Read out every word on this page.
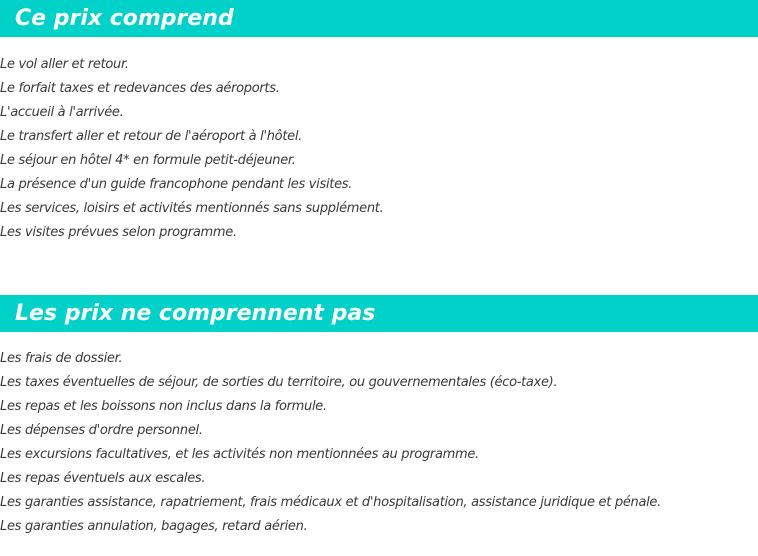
Ce prix comprend
Le vol aller et retour.
Le forfait taxes et redevances des aéroports.
L'accueil à l'arrivée.
Le transfert aller et retour de l'aéroport à l'hôtel.
Le séjour en hôtel 4* en formule petit-déjeuner.
La présence d'un guide francophone pendant les visites.
Les services, loisirs et activités mentionnés sans supplément.
Les visites prévues selon programme.
Les prix ne comprennent pas
Les frais de dossier.
Les taxes éventuelles de séjour, de sorties du territoire, ou gouvernementales (éco-taxe).
Les repas et les boissons non inclus dans la formule.
Les dépenses d'ordre personnel.
Les excursions facultatives, et les activités non mentionnées au programme.
Les repas éventuels aux escales.
Les garanties assistance, rapatriement, frais médicaux et d'hospitalisation, assistance juridique et pénale.
Les garanties annulation, bagages, retard aérien.
